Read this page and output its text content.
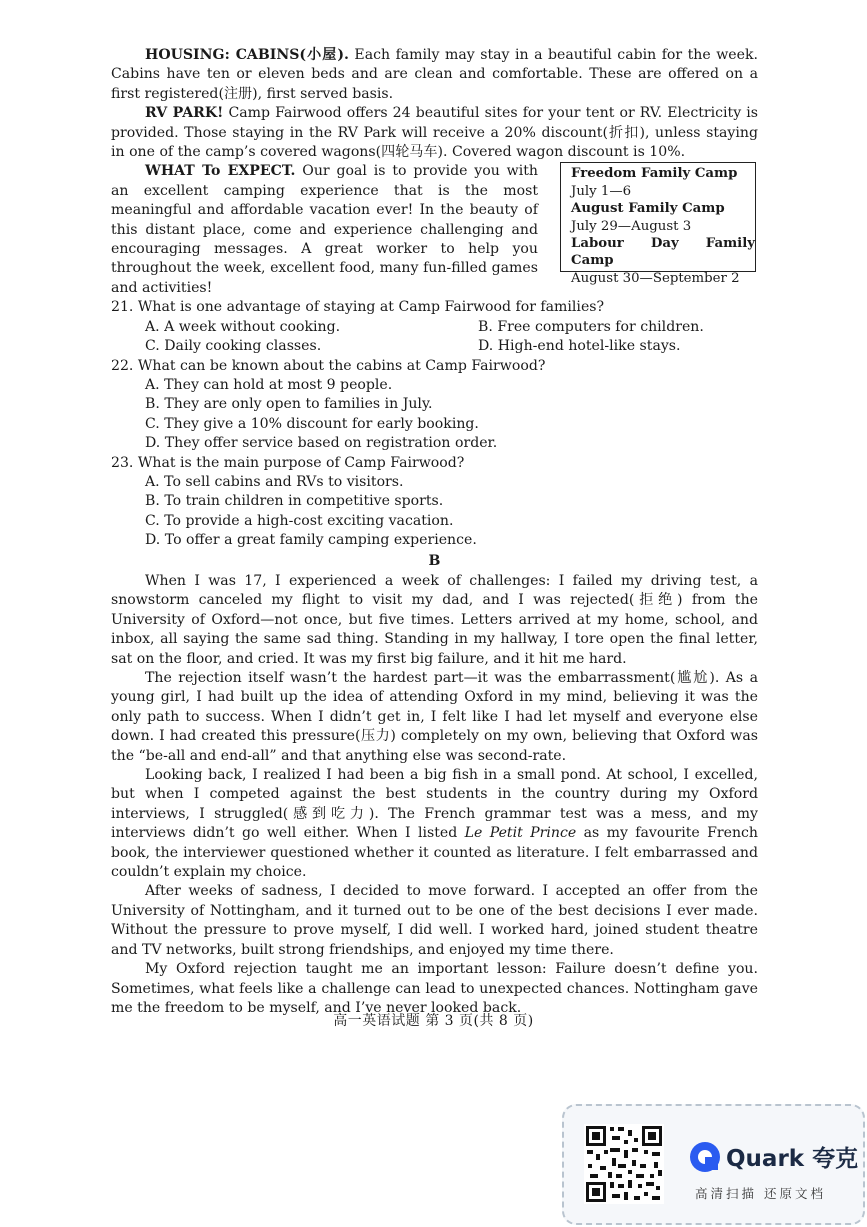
HOUSING: CABINS(小屋). Each family may stay in a beautiful cabin for the week. Cabins have ten or eleven beds and are clean and comfortable. These are offered on a first registered(注册), first served basis.

RV PARK! Camp Fairwood offers 24 beautiful sites for your tent or RV. Electricity is provided. Those staying in the RV Park will receive a 20% discount(折扣), unless staying in one of the camp’s covered wagons(四轮马车). Covered wagon discount is 10%.

Freedom Family Camp
July 1—6
August Family Camp
July 29—August 3
Labour Day Family Camp
August 30—September 2

WHAT To EXPECT. Our goal is to provide you with an excellent camping experience that is the most meaningful and affordable vacation ever! In the beauty of this distant place, come and experience challenging and encouraging messages. A great worker to help you throughout the week, excellent food, many fun-filled games and activities!

21. What is one advantage of staying at Camp Fairwood for families?

A. A week without cooking.	B. Free computers for children.
C. Daily cooking classes.	D. High-end hotel-like stays.

22. What can be known about the cabins at Camp Fairwood?

A. They can hold at most 9 people.

B. They are only open to families in July.

C. They give a 10% discount for early booking.

D. They offer service based on registration order.

23. What is the main purpose of Camp Fairwood?

A. To sell cabins and RVs to visitors.

B. To train children in competitive sports.

C. To provide a high-cost exciting vacation.

D. To offer a great family camping experience.

B

When I was 17, I experienced a week of challenges: I failed my driving test, a snowstorm canceled my flight to visit my dad, and I was rejected(拒绝) from the University of Oxford—not once, but five times. Letters arrived at my home, school, and inbox, all saying the same sad thing. Standing in my hallway, I tore open the final letter, sat on the floor, and cried. It was my first big failure, and it hit me hard.

The rejection itself wasn’t the hardest part—it was the embarrassment(尴尬). As a young girl, I had built up the idea of attending Oxford in my mind, believing it was the only path to success. When I didn’t get in, I felt like I had let myself and everyone else down. I had created this pressure(压力) completely on my own, believing that Oxford was the “be-all and end-all” and that anything else was second-rate.

Looking back, I realized I had been a big fish in a small pond. At school, I excelled, but when I competed against the best students in the country during my Oxford interviews, I struggled(感到吃力). The French grammar test was a mess, and my interviews didn’t go well either. When I listed Le Petit Prince as my favourite French book, the interviewer questioned whether it counted as literature. I felt embarrassed and couldn’t explain my choice.

After weeks of sadness, I decided to move forward. I accepted an offer from the University of Nottingham, and it turned out to be one of the best decisions I ever made. Without the pressure to prove myself, I did well. I worked hard, joined student theatre and TV networks, built strong friendships, and enjoyed my time there.

My Oxford rejection taught me an important lesson: Failure doesn’t define you. Sometimes, what feels like a challenge can lead to unexpected chances. Nottingham gave me the freedom to be myself, and I’ve never looked back.

高一英语试题 第 3 页(共 8 页)
Quark 夸克
高清扫描 还原文档
